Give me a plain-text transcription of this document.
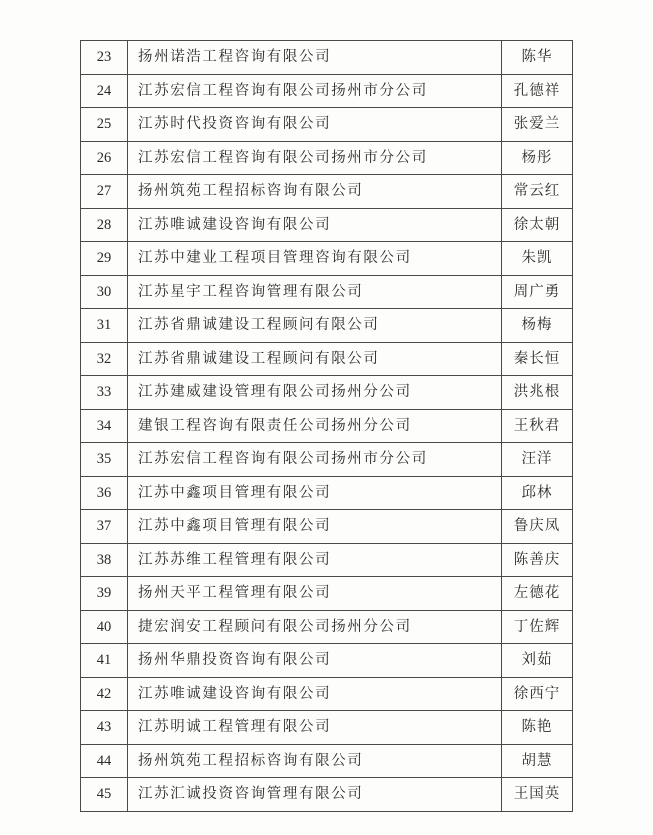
23	扬州诺浩工程咨询有限公司	陈华
24	江苏宏信工程咨询有限公司扬州市分公司	孔德祥
25	江苏时代投资咨询有限公司	张爱兰
26	江苏宏信工程咨询有限公司扬州市分公司	杨彤
27	扬州筑苑工程招标咨询有限公司	常云红
28	江苏唯诚建设咨询有限公司	徐太朝
29	江苏中建业工程项目管理咨询有限公司	朱凯
30	江苏星宇工程咨询管理有限公司	周广勇
31	江苏省鼎诚建设工程顾问有限公司	杨梅
32	江苏省鼎诚建设工程顾问有限公司	秦长恒
33	江苏建威建设管理有限公司扬州分公司	洪兆根
34	建银工程咨询有限责任公司扬州分公司	王秋君
35	江苏宏信工程咨询有限公司扬州市分公司	汪洋
36	江苏中鑫项目管理有限公司	邱林
37	江苏中鑫项目管理有限公司	鲁庆凤
38	江苏苏维工程管理有限公司	陈善庆
39	扬州天平工程管理有限公司	左德花
40	捷宏润安工程顾问有限公司扬州分公司	丁佐辉
41	扬州华鼎投资咨询有限公司	刘茹
42	江苏唯诚建设咨询有限公司	徐西宁
43	江苏明诚工程管理有限公司	陈艳
44	扬州筑苑工程招标咨询有限公司	胡慧
45	江苏汇诚投资咨询管理有限公司	王国英
